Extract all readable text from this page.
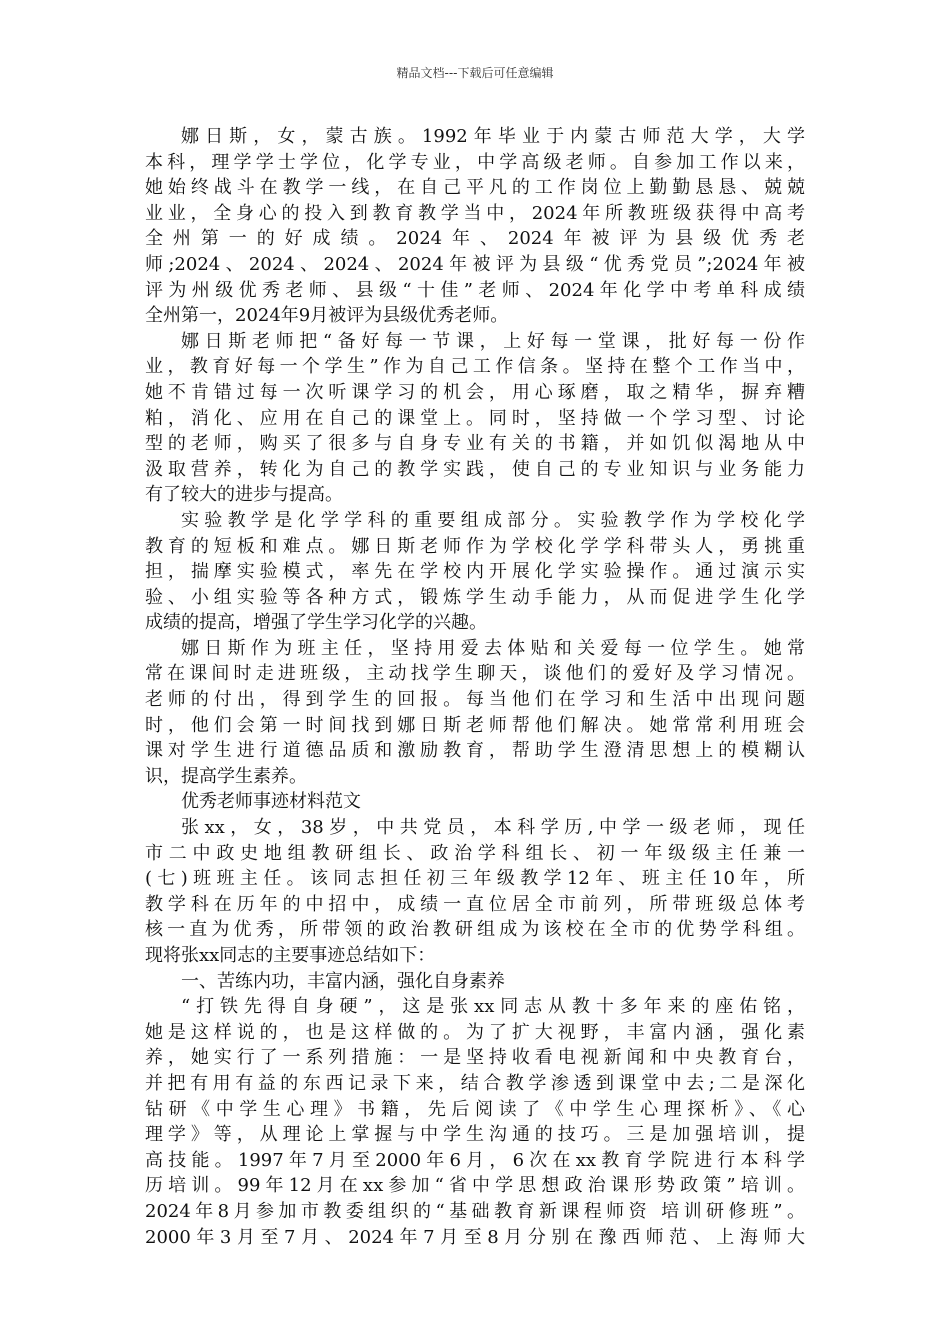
精品文档---下载后可任意编辑
娜日斯，女，蒙古族。1992年毕业于内蒙古师范大学，大学
本科，理学学士学位，化学专业，中学高级老师。自参加工作以来，
她始终战斗在教学一线，在自己平凡的工作岗位上勤勤恳恳、兢兢
业业，全身心的投入到教育教学当中，2024年所教班级获得中高考
全州第一的好成绩。2024年、2024年被评为县级优秀老
师;2024、2024、2024、2024年被评为县级“优秀党员”;2024年被
评为州级优秀老师、县级“十佳”老师、2024年化学中考单科成绩
全州第一，2024年9月被评为县级优秀老师。
娜日斯老师把“备好每一节课，上好每一堂课，批好每一份作
业，教育好每一个学生”作为自己工作信条。坚持在整个工作当中，
她不肯错过每一次听课学习的机会，用心琢磨，取之精华，摒弃糟
粕，消化、应用在自己的课堂上。同时，坚持做一个学习型、讨论
型的老师，购买了很多与自身专业有关的书籍，并如饥似渴地从中
汲取营养，转化为自己的教学实践，使自己的专业知识与业务能力
有了较大的进步与提高。
实验教学是化学学科的重要组成部分。实验教学作为学校化学
教育的短板和难点。娜日斯老师作为学校化学学科带头人，勇挑重
担，揣摩实验模式，率先在学校内开展化学实验操作。通过演示实
验、小组实验等各种方式，锻炼学生动手能力，从而促进学生化学
成绩的提高，增强了学生学习化学的兴趣。
娜日斯作为班主任，坚持用爱去体贴和关爱每一位学生。她常
常在课间时走进班级，主动找学生聊天，谈他们的爱好及学习情况。
老师的付出，得到学生的回报。每当他们在学习和生活中出现问题
时，他们会第一时间找到娜日斯老师帮他们解决。她常常利用班会
课对学生进行道德品质和激励教育，帮助学生澄清思想上的模糊认
识，提高学生素养。
优秀老师事迹材料范文
张xx，女，38岁，中共党员，本科学历,中学一级老师，现任
市二中政史地组教研组长、政治学科组长、初一年级级主任兼一
(七)班班主任。该同志担任初三年级教学12年、班主任10年，所
教学科在历年的中招中，成绩一直位居全市前列，所带班级总体考
核一直为优秀，所带领的政治教研组成为该校在全市的优势学科组。
现将张xx同志的主要事迹总结如下：
一、苦练内功，丰富内涵，强化自身素养
“打铁先得自身硬”，这是张xx同志从教十多年来的座佑铭，
她是这样说的，也是这样做的。为了扩大视野，丰富内涵，强化素
养，她实行了一系列措施：一是坚持收看电视新闻和中央教育台，
并把有用有益的东西记录下来，结合教学渗透到课堂中去;二是深化
钻研《中学生心理》书籍，先后阅读了《中学生心理探析》、《心
理学》等，从理论上掌握与中学生沟通的技巧。三是加强培训，提
高技能。1997年7月至2000年6月，6次在xx教育学院进行本科学
历培训。99年12月在xx参加“省中学思想政治课形势政策”培训。
2024年8月参加市教委组织的“基础教育新课程师资 培训研修班”。
2000年3月至7月、2024年7月至8月分别在豫西师范、上海师大
